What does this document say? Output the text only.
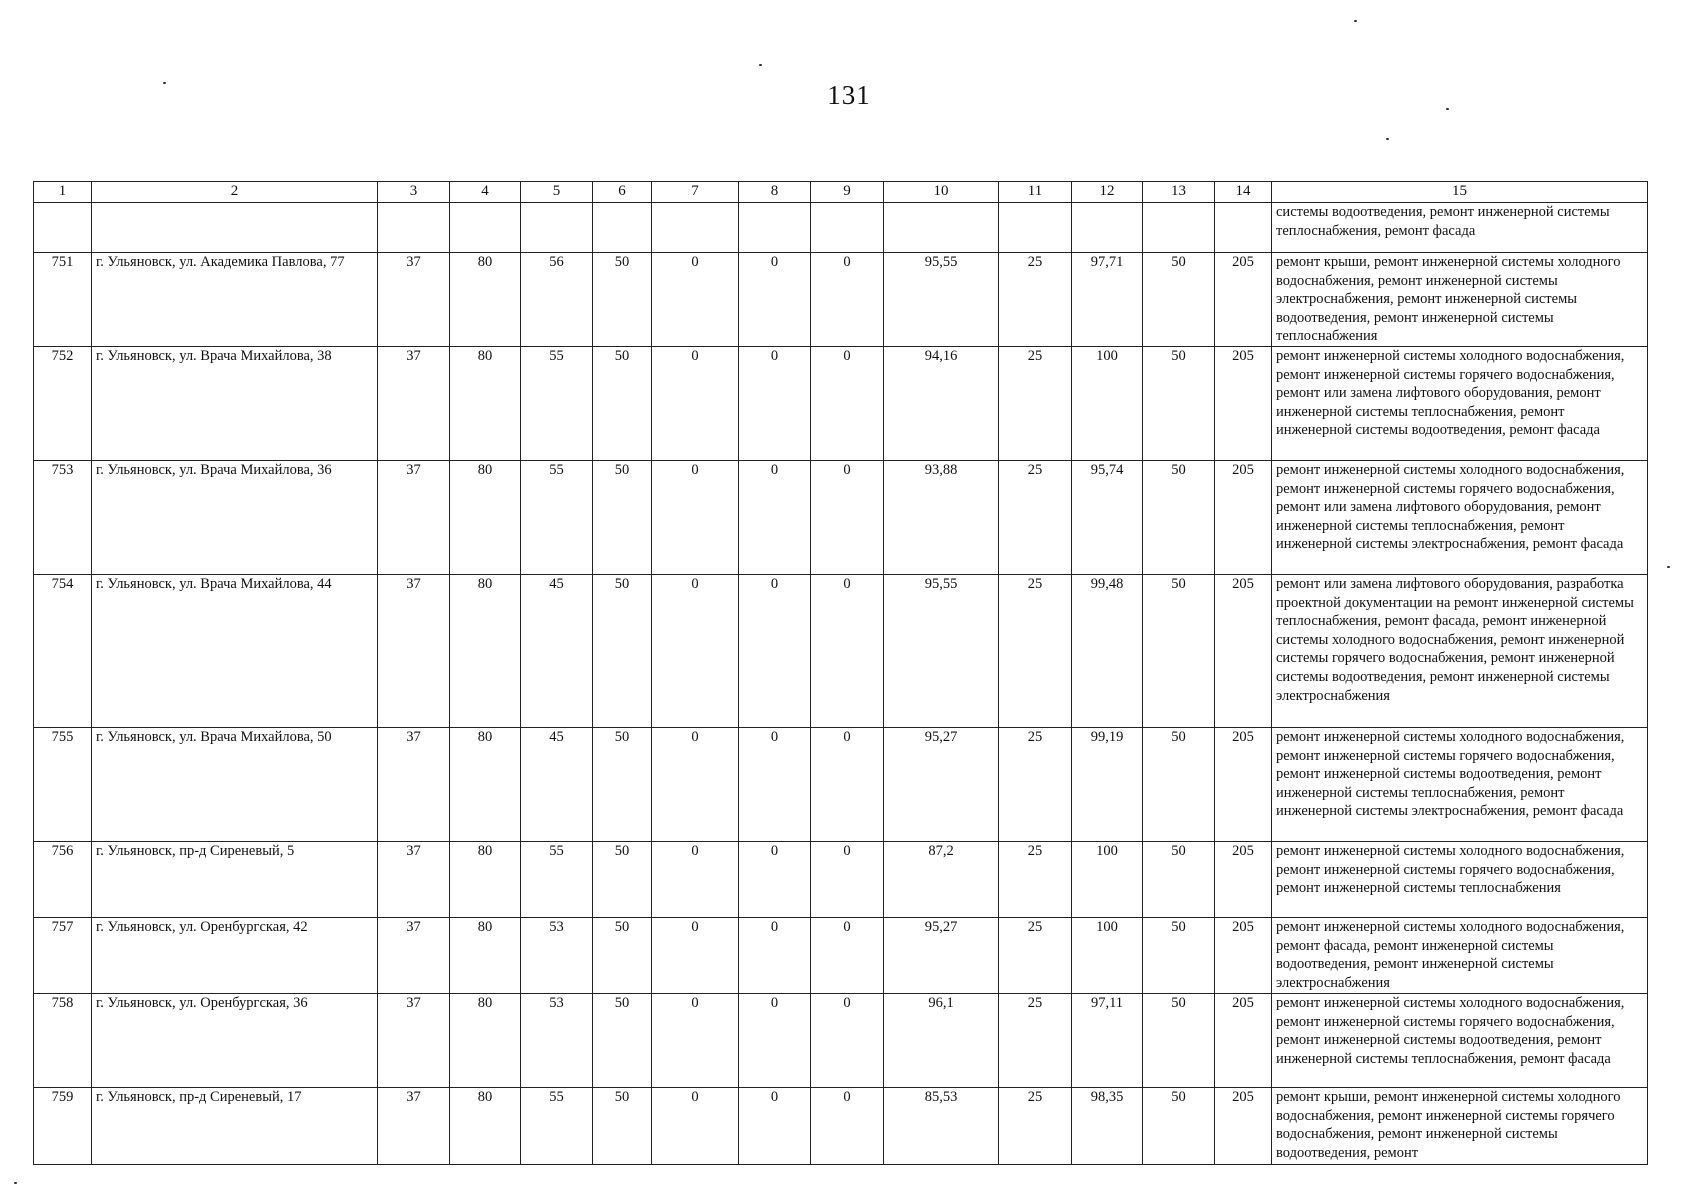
131
1	2	3	4	5	6	7	8	9	10	11	12	13	14	15
														системы водоотведения, ремонт инженерной системы теплоснабжения, ремонт фасада
751	г. Ульяновск, ул. Академика Павлова, 77	37	80	56	50	0	0	0	95,55	25	97,71	50	205	ремонт крыши, ремонт инженерной системы холодного водоснабжения, ремонт инженерной системы электроснабжения, ремонт инженерной системы водоотведения, ремонт инженерной системы теплоснабжения
752	г. Ульяновск, ул. Врача Михайлова, 38	37	80	55	50	0	0	0	94,16	25	100	50	205	ремонт инженерной системы холодного водоснабжения, ремонт инженерной системы горячего водоснабжения, ремонт или замена лифтового оборудования, ремонт инженерной системы теплоснабжения, ремонт инженерной системы водоотведения, ремонт фасада
753	г. Ульяновск, ул. Врача Михайлова, 36	37	80	55	50	0	0	0	93,88	25	95,74	50	205	ремонт инженерной системы холодного водоснабжения, ремонт инженерной системы горячего водоснабжения, ремонт или замена лифтового оборудования, ремонт инженерной системы теплоснабжения, ремонт инженерной системы электроснабжения, ремонт фасада
754	г. Ульяновск, ул. Врача Михайлова, 44	37	80	45	50	0	0	0	95,55	25	99,48	50	205	ремонт или замена лифтового оборудования, разработка проектной документации на ремонт инженерной системы теплоснабжения, ремонт фасада, ремонт инженерной системы холодного водоснабжения, ремонт инженерной системы горячего водоснабжения, ремонт инженерной системы водоотведения, ремонт инженерной системы электроснабжения
755	г. Ульяновск, ул. Врача Михайлова, 50	37	80	45	50	0	0	0	95,27	25	99,19	50	205	ремонт инженерной системы холодного водоснабжения, ремонт инженерной системы горячего водоснабжения, ремонт инженерной системы водоотведения, ремонт инженерной системы теплоснабжения, ремонт инженерной системы электроснабжения, ремонт фасада
756	г. Ульяновск, пр-д Сиреневый, 5	37	80	55	50	0	0	0	87,2	25	100	50	205	ремонт инженерной системы холодного водоснабжения, ремонт инженерной системы горячего водоснабжения, ремонт инженерной системы теплоснабжения
757	г. Ульяновск, ул. Оренбургская, 42	37	80	53	50	0	0	0	95,27	25	100	50	205	ремонт инженерной системы холодного водоснабжения, ремонт фасада, ремонт инженерной системы водоотведения, ремонт инженерной системы электроснабжения
758	г. Ульяновск, ул. Оренбургская, 36	37	80	53	50	0	0	0	96,1	25	97,11	50	205	ремонт инженерной системы холодного водоснабжения, ремонт инженерной системы горячего водоснабжения, ремонт инженерной системы водоотведения, ремонт инженерной системы теплоснабжения, ремонт фасада
759	г. Ульяновск, пр-д Сиреневый, 17	37	80	55	50	0	0	0	85,53	25	98,35	50	205	ремонт крыши, ремонт инженерной системы холодного водоснабжения, ремонт инженерной системы горячего водоснабжения, ремонт инженерной системы водоотведения, ремонт
